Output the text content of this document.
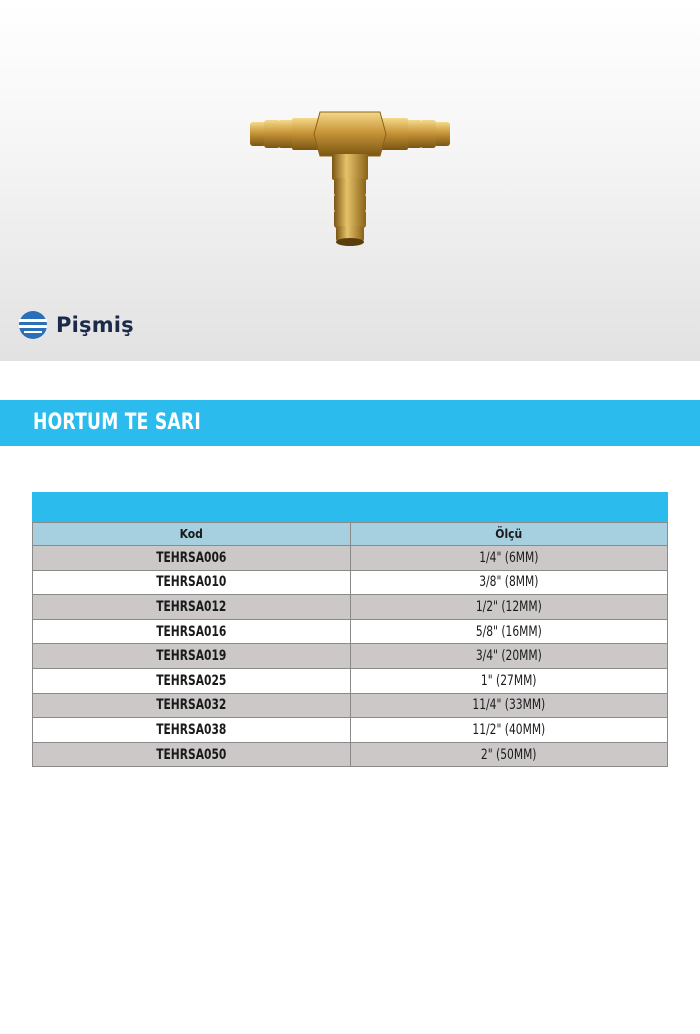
Pişmiş
HORTUM TE SARI
Kod	Ölçü
TEHRSA006	1/4" (6MM)
TEHRSA010	3/8" (8MM)
TEHRSA012	1/2" (12MM)
TEHRSA016	5/8" (16MM)
TEHRSA019	3/4" (20MM)
TEHRSA025	1" (27MM)
TEHRSA032	11/4" (33MM)
TEHRSA038	11/2" (40MM)
TEHRSA050	2" (50MM)
